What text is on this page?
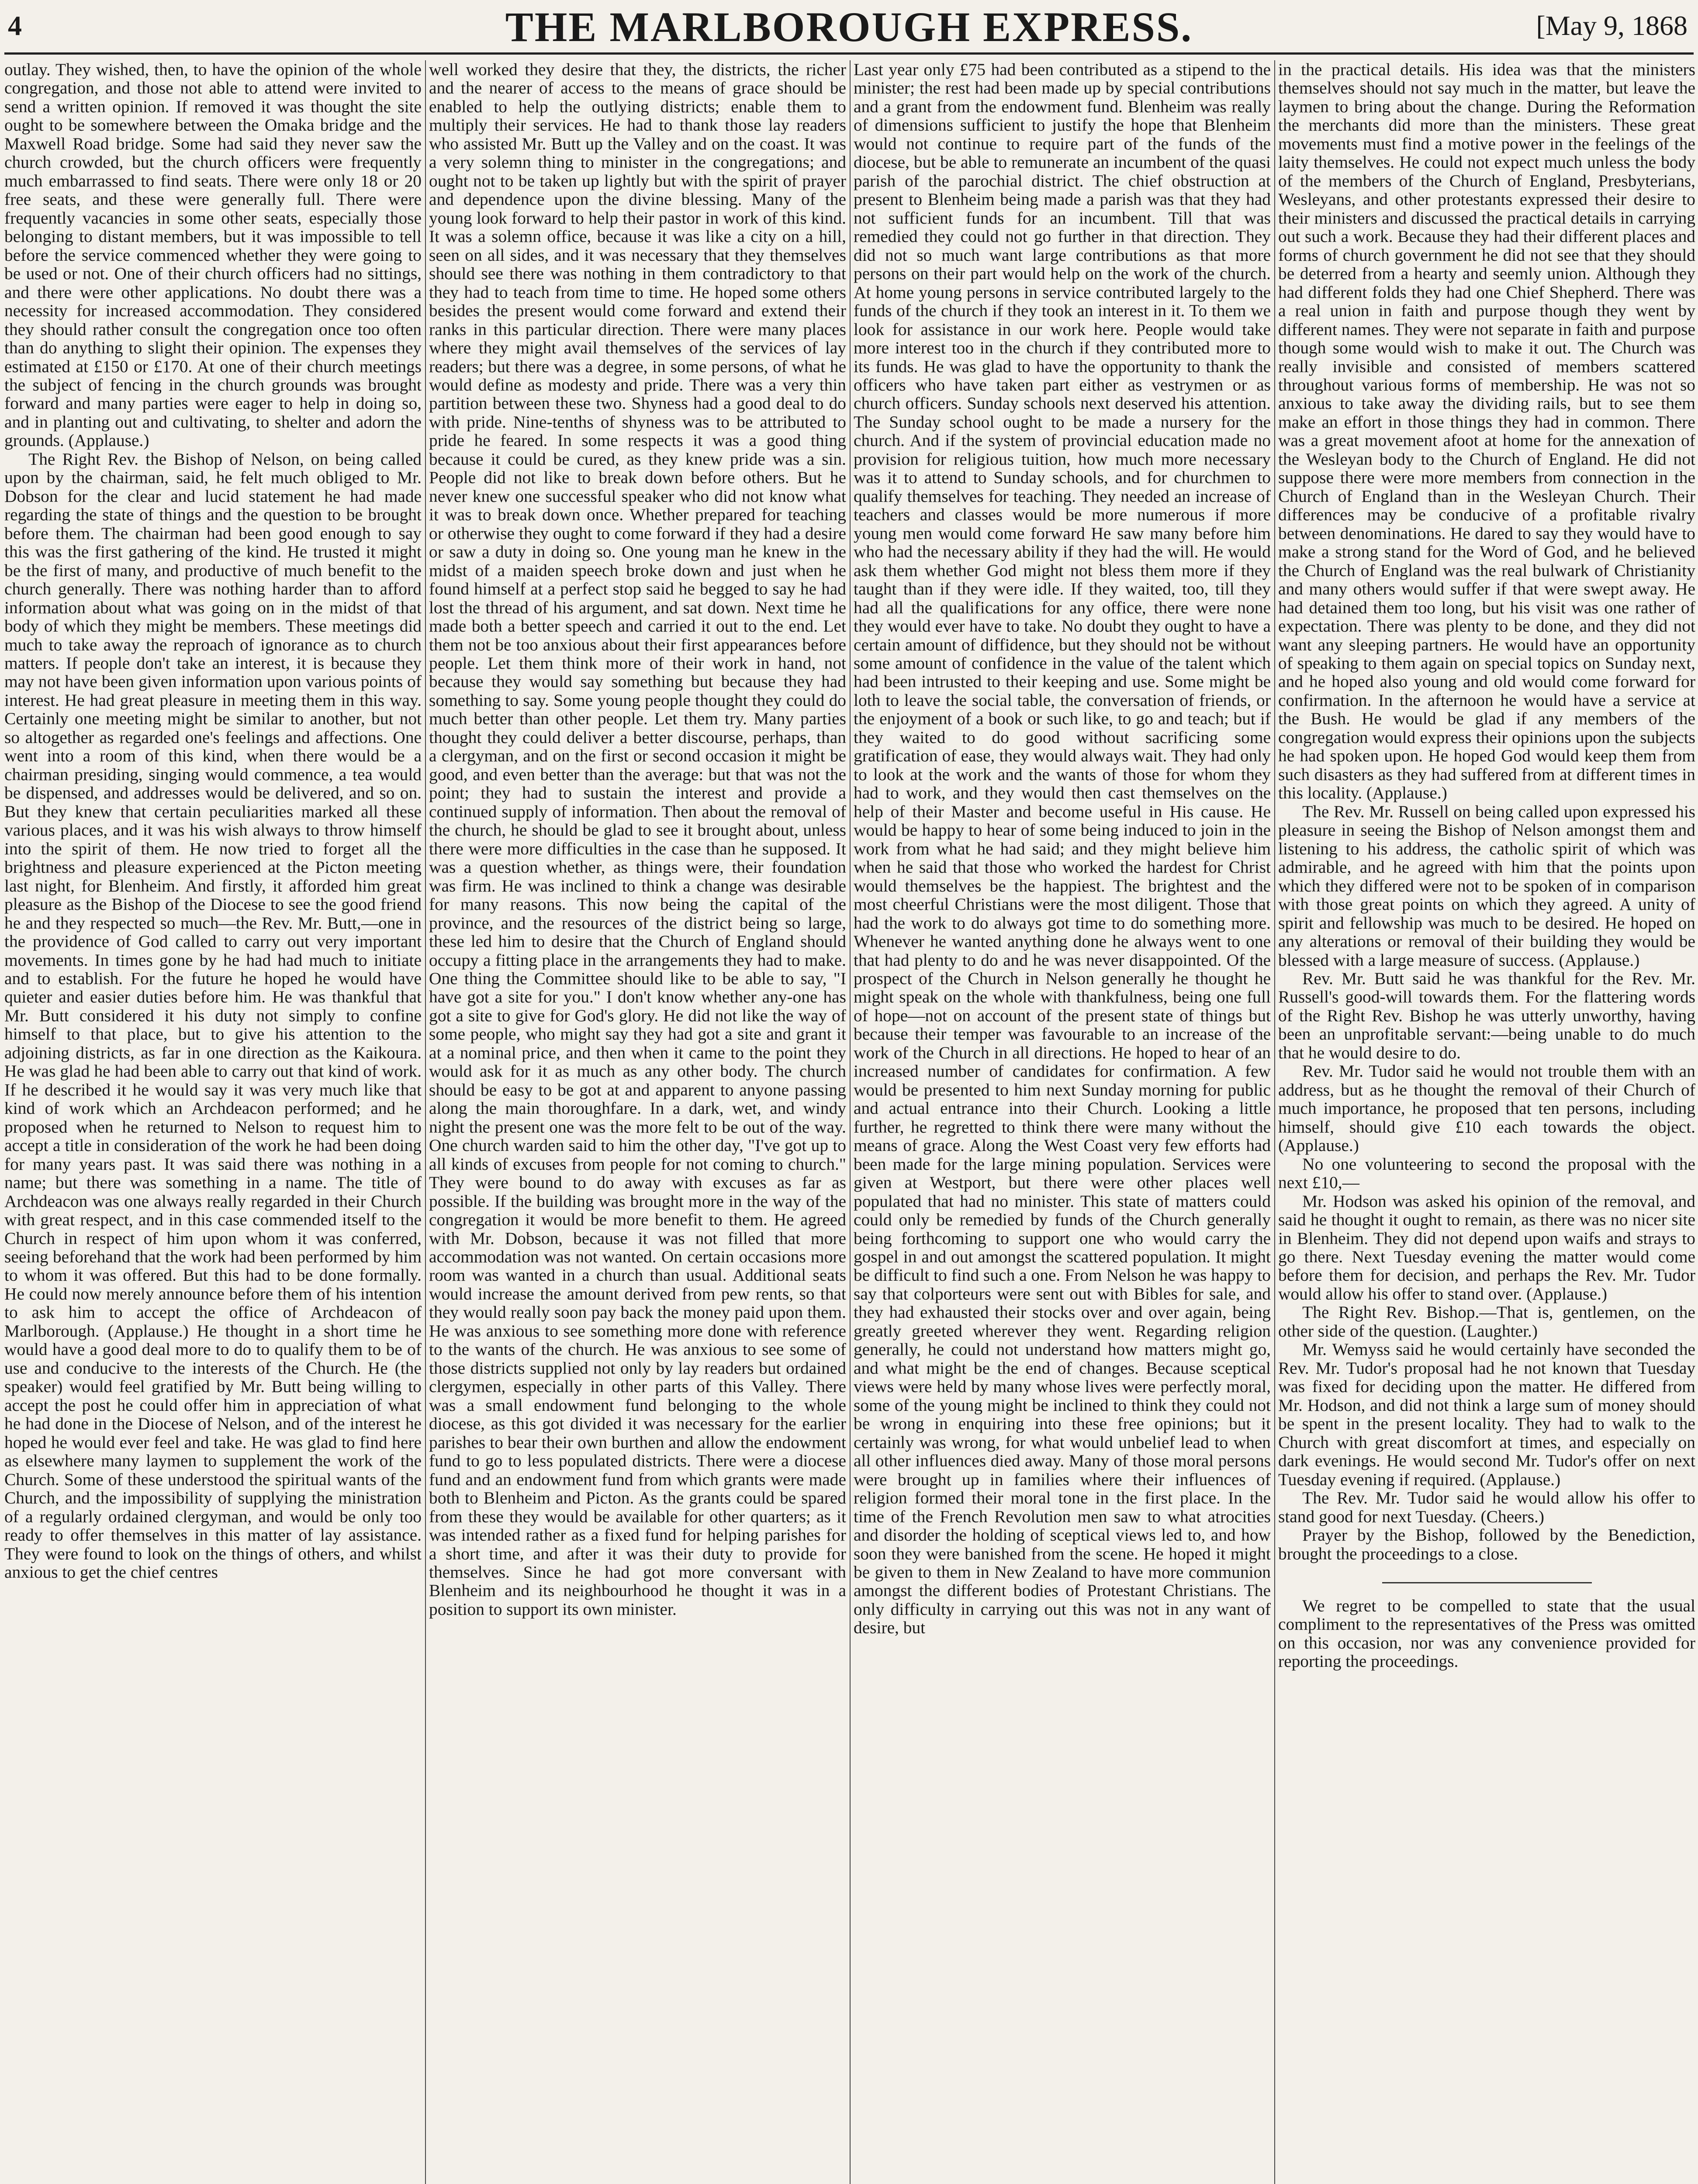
4	THE MARLBOROUGH EXPRESS.	[May 9, 1868

outlay. They wished, then, to have the opinion of the whole congregation, and those not able to attend were invited to send a written opinion. If removed it was thought the site ought to be somewhere between the Omaka bridge and the Maxwell Road bridge. Some had said they never saw the church crowded, but the church officers were frequently much embarrassed to find seats. There were only 18 or 20 free seats, and these were generally full. There were frequently vacancies in some other seats, especially those belonging to distant members, but it was impossible to tell before the service commenced whether they were going to be used or not. One of their church officers had no sittings, and there were other applications. No doubt there was a necessity for increased accommodation. They considered they should rather consult the congregation once too often than do anything to slight their opinion. The expenses they estimated at £150 or £170. At one of their church meetings the subject of fencing in the church grounds was brought forward and many parties were eager to help in doing so, and in planting out and cultivating, to shelter and adorn the grounds. (Applause.)

The Right Rev. the Bishop of Nelson, on being called upon by the chairman, said, he felt much obliged to Mr. Dobson for the clear and lucid statement he had made regarding the state of things and the question to be brought before them. The chairman had been good enough to say this was the first gathering of the kind. He trusted it might be the first of many, and productive of much benefit to the church generally. There was nothing harder than to afford information about what was going on in the midst of that body of which they might be members. These meetings did much to take away the reproach of ignorance as to church matters. If people don't take an interest, it is because they may not have been given information upon various points of interest. He had great pleasure in meeting them in this way. Certainly one meeting might be similar to another, but not so altogether as regarded one's feelings and affections. One went into a room of this kind, when there would be a chairman presiding, singing would commence, a tea would be dispensed, and addresses would be delivered, and so on. But they knew that certain peculiarities marked all these various places, and it was his wish always to throw himself into the spirit of them. He now tried to forget all the brightness and pleasure experienced at the Picton meeting last night, for Blenheim. And firstly, it afforded him great pleasure as the Bishop of the Diocese to see the good friend he and they respected so much—the Rev. Mr. Butt,—one in the providence of God called to carry out very important movements. In times gone by he had had much to initiate and to establish. For the future he hoped he would have quieter and easier duties before him. He was thankful that Mr. Butt considered it his duty not simply to confine himself to that place, but to give his attention to the adjoining districts, as far in one direction as the Kaikoura. He was glad he had been able to carry out that kind of work. If he described it he would say it was very much like that kind of work which an Archdeacon performed; and he proposed when he returned to Nelson to request him to accept a title in consideration of the work he had been doing for many years past. It was said there was nothing in a name; but there was something in a name. The title of Archdeacon was one always really regarded in their Church with great respect, and in this case commended itself to the Church in respect of him upon whom it was conferred, seeing beforehand that the work had been performed by him to whom it was offered. But this had to be done formally. He could now merely announce before them of his intention to ask him to accept the office of Archdeacon of Marlborough. (Applause.) He thought in a short time he would have a good deal more to do to qualify them to be of use and conducive to the interests of the Church. He (the speaker) would feel gratified by Mr. Butt being willing to accept the post he could offer him in appreciation of what he had done in the Diocese of Nelson, and of the interest he hoped he would ever feel and take. He was glad to find here as elsewhere many laymen to supplement the work of the Church. Some of these understood the spiritual wants of the Church, and the impossibility of supplying the ministration of a regularly ordained clergyman, and would be only too ready to offer themselves in this matter of lay assistance. They were found to look on the things of others, and whilst anxious to get the chief centres

well worked they desire that they, the districts, the richer and the nearer of access to the means of grace should be enabled to help the outlying districts; enable them to multiply their services. He had to thank those lay readers who assisted Mr. Butt up the Valley and on the coast. It was a very solemn thing to minister in the congregations; and ought not to be taken up lightly but with the spirit of prayer and dependence upon the divine blessing. Many of the young look forward to help their pastor in work of this kind. It was a solemn office, because it was like a city on a hill, seen on all sides, and it was necessary that they themselves should see there was nothing in them contradictory to that they had to teach from time to time. He hoped some others besides the present would come forward and extend their ranks in this particular direction. There were many places where they might avail themselves of the services of lay readers; but there was a degree, in some persons, of what he would define as modesty and pride. There was a very thin partition between these two. Shyness had a good deal to do with pride. Nine-tenths of shyness was to be attributed to pride he feared. In some respects it was a good thing because it could be cured, as they knew pride was a sin. People did not like to break down before others. But he never knew one successful speaker who did not know what it was to break down once. Whether prepared for teaching or otherwise they ought to come forward if they had a desire or saw a duty in doing so. One young man he knew in the midst of a maiden speech broke down and just when he found himself at a perfect stop said he begged to say he had lost the thread of his argument, and sat down. Next time he made both a better speech and carried it out to the end. Let them not be too anxious about their first appearances before people. Let them think more of their work in hand, not because they would say something but because they had something to say. Some young people thought they could do much better than other people. Let them try. Many parties thought they could deliver a better discourse, perhaps, than a clergyman, and on the first or second occasion it might be good, and even better than the average: but that was not the point; they had to sustain the interest and provide a continued supply of information. Then about the removal of the church, he should be glad to see it brought about, unless there were more difficulties in the case than he supposed. It was a question whether, as things were, their foundation was firm. He was inclined to think a change was desirable for many reasons. This now being the capital of the province, and the resources of the district being so large, these led him to desire that the Church of England should occupy a fitting place in the arrangements they had to make. One thing the Committee should like to be able to say, "I have got a site for you." I don't know whether any-one has got a site to give for God's glory. He did not like the way of some people, who might say they had got a site and grant it at a nominal price, and then when it came to the point they would ask for it as much as any other body. The church should be easy to be got at and apparent to anyone passing along the main thoroughfare. In a dark, wet, and windy night the present one was the more felt to be out of the way. One church warden said to him the other day, "I've got up to all kinds of excuses from people for not coming to church." They were bound to do away with excuses as far as possible. If the building was brought more in the way of the congregation it would be more benefit to them. He agreed with Mr. Dobson, because it was not filled that more accommodation was not wanted. On certain occasions more room was wanted in a church than usual. Additional seats would increase the amount derived from pew rents, so that they would really soon pay back the money paid upon them. He was anxious to see something more done with reference to the wants of the church. He was anxious to see some of those districts supplied not only by lay readers but ordained clergymen, especially in other parts of this Valley. There was a small endowment fund belonging to the whole diocese, as this got divided it was necessary for the earlier parishes to bear their own burthen and allow the endowment fund to go to less populated districts. There were a diocese fund and an endowment fund from which grants were made both to Blenheim and Picton. As the grants could be spared from these they would be available for other quarters; as it was intended rather as a fixed fund for helping parishes for a short time, and after it was their duty to provide for themselves. Since he had got more conversant with Blenheim and its neighbourhood he thought it was in a position to support its own minister.

Last year only £75 had been contributed as a stipend to the minister; the rest had been made up by special contributions and a grant from the endowment fund. Blenheim was really of dimensions sufficient to justify the hope that Blenheim would not continue to require part of the funds of the diocese, but be able to remunerate an incumbent of the quasi parish of the parochial district. The chief obstruction at present to Blenheim being made a parish was that they had not sufficient funds for an incumbent. Till that was remedied they could not go further in that direction. They did not so much want large contributions as that more persons on their part would help on the work of the church. At home young persons in service contributed largely to the funds of the church if they took an interest in it. To them we look for assistance in our work here. People would take more interest too in the church if they contributed more to its funds. He was glad to have the opportunity to thank the officers who have taken part either as vestrymen or as church officers. Sunday schools next deserved his attention. The Sunday school ought to be made a nursery for the church. And if the system of provincial education made no provision for religious tuition, how much more necessary was it to attend to Sunday schools, and for churchmen to qualify themselves for teaching. They needed an increase of teachers and classes would be more numerous if more young men would come forward He saw many before him who had the necessary ability if they had the will. He would ask them whether God might not bless them more if they taught than if they were idle. If they waited, too, till they had all the qualifications for any office, there were none they would ever have to take. No doubt they ought to have a certain amount of diffidence, but they should not be without some amount of confidence in the value of the talent which had been intrusted to their keeping and use. Some might be loth to leave the social table, the conversation of friends, or the enjoyment of a book or such like, to go and teach; but if they waited to do good without sacrificing some gratification of ease, they would always wait. They had only to look at the work and the wants of those for whom they had to work, and they would then cast themselves on the help of their Master and become useful in His cause. He would be happy to hear of some being induced to join in the work from what he had said; and they might believe him when he said that those who worked the hardest for Christ would themselves be the happiest. The brightest and the most cheerful Christians were the most diligent. Those that had the work to do always got time to do something more. Whenever he wanted anything done he always went to one that had plenty to do and he was never disappointed. Of the prospect of the Church in Nelson generally he thought he might speak on the whole with thankfulness, being one full of hope—not on account of the present state of things but because their temper was favourable to an increase of the work of the Church in all directions. He hoped to hear of an increased number of candidates for confirmation. A few would be presented to him next Sunday morning for public and actual entrance into their Church. Looking a little further, he regretted to think there were many without the means of grace. Along the West Coast very few efforts had been made for the large mining population. Services were given at Westport, but there were other places well populated that had no minister. This state of matters could could only be remedied by funds of the Church generally being forthcoming to support one who would carry the gospel in and out amongst the scattered population. It might be difficult to find such a one. From Nelson he was happy to say that colporteurs were sent out with Bibles for sale, and they had exhausted their stocks over and over again, being greatly greeted wherever they went. Regarding religion generally, he could not understand how matters might go, and what might be the end of changes. Because sceptical views were held by many whose lives were perfectly moral, some of the young might be inclined to think they could not be wrong in enquiring into these free opinions; but it certainly was wrong, for what would unbelief lead to when all other influences died away. Many of those moral persons were brought up in families where their influences of religion formed their moral tone in the first place. In the time of the French Revolution men saw to what atrocities and disorder the holding of sceptical views led to, and how soon they were banished from the scene. He hoped it might be given to them in New Zealand to have more communion amongst the different bodies of Protestant Christians. The only difficulty in carrying out this was not in any want of desire, but

in the practical details. His idea was that the ministers themselves should not say much in the matter, but leave the laymen to bring about the change. During the Reformation the merchants did more than the ministers. These great movements must find a motive power in the feelings of the laity themselves. He could not expect much unless the body of the members of the Church of England, Presbyterians, Wesleyans, and other protestants expressed their desire to their ministers and discussed the practical details in carrying out such a work. Because they had their different places and forms of church government he did not see that they should be deterred from a hearty and seemly union. Although they had different folds they had one Chief Shepherd. There was a real union in faith and purpose though they went by different names. They were not separate in faith and purpose though some would wish to make it out. The Church was really invisible and consisted of members scattered throughout various forms of membership. He was not so anxious to take away the dividing rails, but to see them make an effort in those things they had in common. There was a great movement afoot at home for the annexation of the Wesleyan body to the Church of England. He did not suppose there were more members from connection in the Church of England than in the Wesleyan Church. Their differences may be conducive of a profitable rivalry between denominations. He dared to say they would have to make a strong stand for the Word of God, and he believed the Church of England was the real bulwark of Christianity and many others would suffer if that were swept away. He had detained them too long, but his visit was one rather of expectation. There was plenty to be done, and they did not want any sleeping partners. He would have an opportunity of speaking to them again on special topics on Sunday next, and he hoped also young and old would come forward for confirmation. In the afternoon he would have a service at the Bush. He would be glad if any members of the congregation would express their opinions upon the subjects he had spoken upon. He hoped God would keep them from such disasters as they had suffered from at different times in this locality. (Applause.)

The Rev. Mr. Russell on being called upon expressed his pleasure in seeing the Bishop of Nelson amongst them and listening to his address, the catholic spirit of which was admirable, and he agreed with him that the points upon which they differed were not to be spoken of in comparison with those great points on which they agreed. A unity of spirit and fellowship was much to be desired. He hoped on any alterations or removal of their building they would be blessed with a large measure of success. (Applause.)

Rev. Mr. Butt said he was thankful for the Rev. Mr. Russell's good-will towards them. For the flattering words of the Right Rev. Bishop he was utterly unworthy, having been an unprofitable servant:—being unable to do much that he would desire to do.

Rev. Mr. Tudor said he would not trouble them with an address, but as he thought the removal of their Church of much importance, he proposed that ten persons, including himself, should give £10 each towards the object. (Applause.)

No one volunteering to second the proposal with the next £10,—

Mr. Hodson was asked his opinion of the removal, and said he thought it ought to remain, as there was no nicer site in Blenheim. They did not depend upon waifs and strays to go there. Next Tuesday evening the matter would come before them for decision, and perhaps the Rev. Mr. Tudor would allow his offer to stand over. (Applause.)

The Right Rev. Bishop.—That is, gentlemen, on the other side of the question. (Laughter.)

Mr. Wemyss said he would certainly have seconded the Rev. Mr. Tudor's proposal had he not known that Tuesday was fixed for deciding upon the matter. He differed from Mr. Hodson, and did not think a large sum of money should be spent in the present locality. They had to walk to the Church with great discomfort at times, and especially on dark evenings. He would second Mr. Tudor's offer on next Tuesday evening if required. (Applause.)

The Rev. Mr. Tudor said he would allow his offer to stand good for next Tuesday. (Cheers.)

Prayer by the Bishop, followed by the Benediction, brought the proceedings to a close.

We regret to be compelled to state that the usual compliment to the representatives of the Press was omitted on this occasion, nor was any convenience provided for reporting the proceedings.
